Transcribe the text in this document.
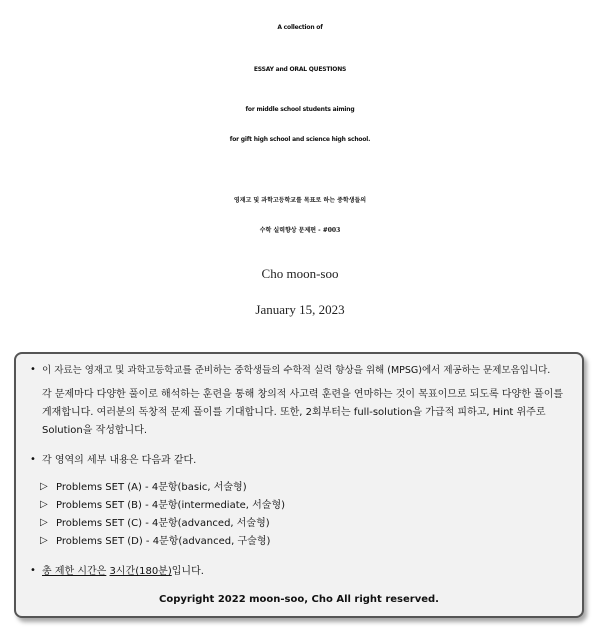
A collection of
ESSAY and ORAL QUESTIONS
for middle school students aiming
for gift high school and science high school.
영재고 및 과학고등학교를 목표로 하는 중학생들의
수학 실력향상 문제편 - #003
Cho moon-soo
January 15, 2023
• 이 자료는 영재고 및 과학고등학교를 준비하는 중학생들의 수학적 실력 향상을 위해 (MPSG)에서 제공하는 문제모음입니다.
각 문제마다 다양한 풀이로 해석하는 훈련을 통해 창의적 사고력 훈련을 연마하는 것이 목표이므로 되도록 다양한 풀이를
게재합니다. 여러분의 독창적 문제 풀이를 기대합니다. 또한, 2회부터는 full-solution을 가급적 피하고, Hint 위주로
Solution을 작성합니다.
• 각 영역의 세부 내용은 다음과 같다.
▷ Problems SET (A) - 4문항(basic, 서술형)
▷ Problems SET (B) - 4문항(intermediate, 서술형)
▷ Problems SET (C) - 4문항(advanced, 서술형)
▷ Problems SET (D) - 4문항(advanced, 구술형)
• 총 제한 시간은 3시간(180분)입니다.
Copyright 2022 moon-soo, Cho All right reserved.
